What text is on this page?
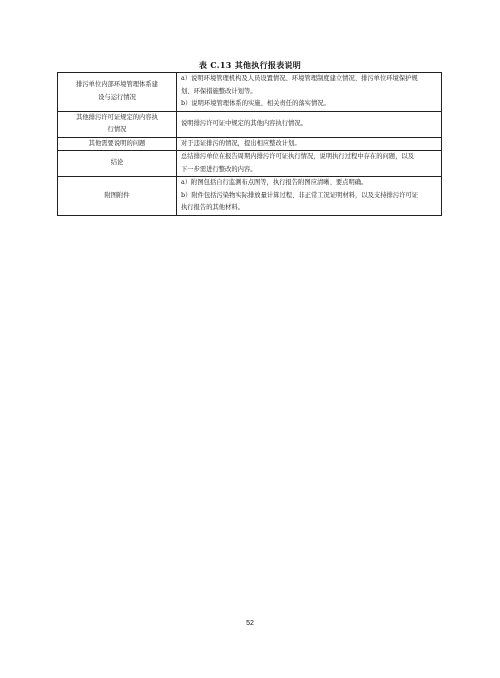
表 C.13 其他执行报表说明
排污单位内部环境管理体系建
设与运行情况	a）说明环境管理机构及人员设置情况、环境管理制度建立情况、排污单位环境保护规
划、环保措施整改计划等。
b）说明环境管理体系的实施、相关责任的落实情况。

其他排污许可证规定的内容执
行情况	说明排污许可证中规定的其他内容执行情况。

其他需要说明的问题	对于违证排污的情况，提出相应整改计划。

结论	总结排污单位在报告周期内排污许可证执行情况，说明执行过程中存在的问题，以及
下一步需进行整改的内容。

附图附件	a）附图包括自行监测布点图等，执行报告附图应清晰、要点明确。
b）附件包括污染物实际排放量计算过程、非正常工况证明材料，以及支持排污许可证
执行报告的其他材料。
52
